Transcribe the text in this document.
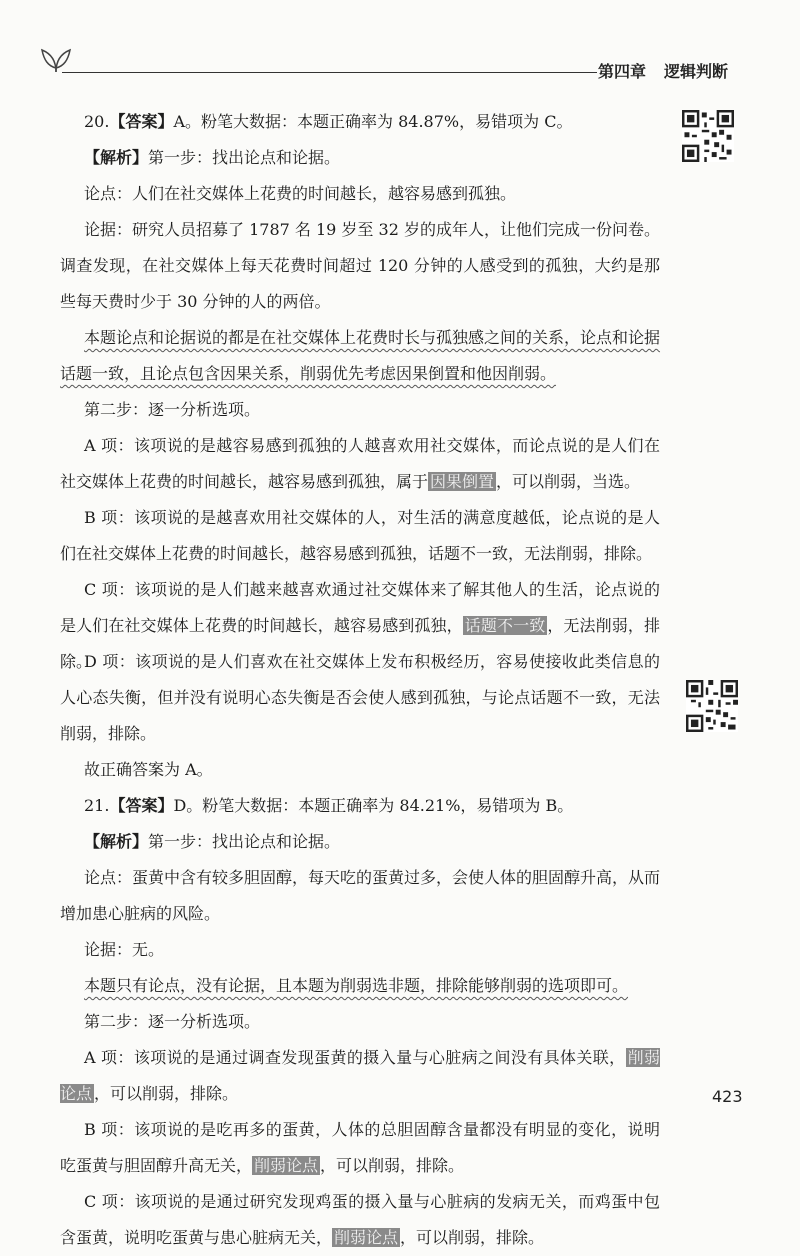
第四章 逻辑判断

20.【答案】A。粉笔大数据：本题正确率为 84.87%，易错项为 C。

【解析】第一步：找出论点和论据。

论点：人们在社交媒体上花费的时间越长，越容易感到孤独。

论据：研究人员招募了 1787 名 19 岁至 32 岁的成年人，让他们完成一份问卷。调查发现，在社交媒体上每天花费时间超过 120 分钟的人感受到的孤独，大约是那些每天费时少于 30 分钟的人的两倍。

本题论点和论据说的都是在社交媒体上花费时长与孤独感之间的关系，论点和论据话题一致，且论点包含因果关系，削弱优先考虑因果倒置和他因削弱。

第二步：逐一分析选项。

A 项：该项说的是越容易感到孤独的人越喜欢用社交媒体，而论点说的是人们在社交媒体上花费的时间越长，越容易感到孤独，属于 因果倒置 ，可以削弱，当选。

B 项：该项说的是越喜欢用社交媒体的人，对生活的满意度越低，论点说的是人们在社交媒体上花费的时间越长，越容易感到孤独，话题不一致，无法削弱，排除。

C 项：该项说的是人们越来越喜欢通过社交媒体来了解其他人的生活，论点说的是人们在社交媒体上花费的时间越长，越容易感到孤独， 话题不一致 ，无法削弱，排除。

D 项：该项说的是人们喜欢在社交媒体上发布积极经历，容易使接收此类信息的人心态失衡，但并没有说明心态失衡是否会使人感到孤独，与论点话题不一致，无法削弱，排除。

故正确答案为 A。

21.【答案】D。粉笔大数据：本题正确率为 84.21%，易错项为 B。

【解析】第一步：找出论点和论据。

论点：蛋黄中含有较多胆固醇，每天吃的蛋黄过多，会使人体的胆固醇升高，从而增加患心脏病的风险。

论据：无。

本题只有论点，没有论据，且本题为削弱选非题，排除能够削弱的选项即可。

第二步：逐一分析选项。

A 项：该项说的是通过调查发现蛋黄的摄入量与心脏病之间没有具体关联， 削弱论点 ，可以削弱，排除。

B 项：该项说的是吃再多的蛋黄，人体的总胆固醇含量都没有明显的变化，说明吃蛋黄与胆固醇升高无关， 削弱论点 ，可以削弱，排除。

C 项：该项说的是通过研究发现鸡蛋的摄入量与心脏病的发病无关，而鸡蛋中包含蛋黄，说明吃蛋黄与患心脏病无关， 削弱论点 ，可以削弱，排除。

423
